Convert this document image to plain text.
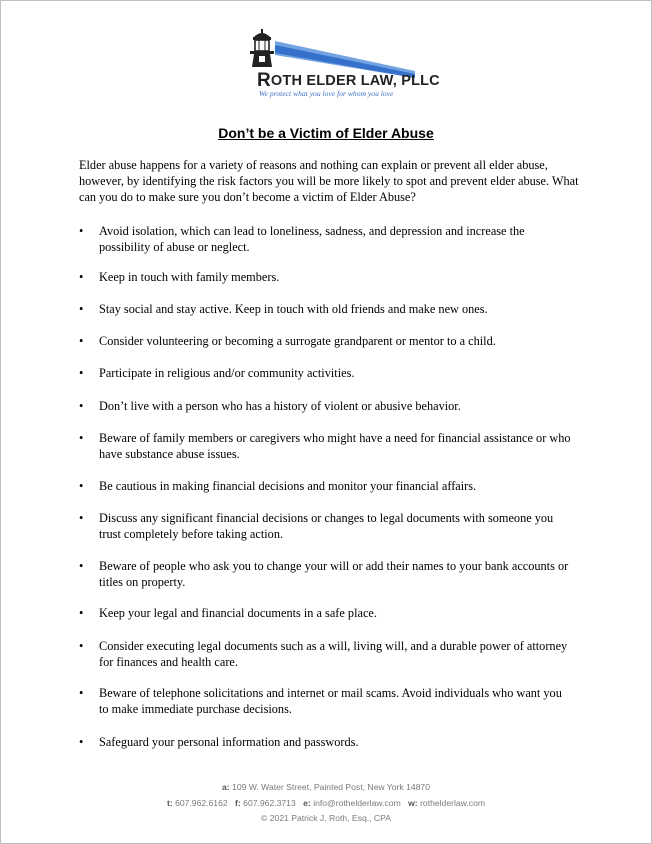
ROTH ELDER LAW, PLLC
We protect what you love for whom you love
Don’t be a Victim of Elder Abuse
Elder abuse happens for a variety of reasons and nothing can explain or prevent all elder abuse, however, by identifying the risk factors you will be more likely to spot and prevent elder abuse. What can you do to make sure you don’t become a victim of Elder Abuse?
• Avoid isolation, which can lead to loneliness, sadness, and depression and increase the possibility of abuse or neglect.
• Keep in touch with family members.
• Stay social and stay active. Keep in touch with old friends and make new ones.
• Consider volunteering or becoming a surrogate grandparent or mentor to a child.
• Participate in religious and/or community activities.
• Don’t live with a person who has a history of violent or abusive behavior.
• Beware of family members or caregivers who might have a need for financial assistance or who have substance abuse issues.
• Be cautious in making financial decisions and monitor your financial affairs.
• Discuss any significant financial decisions or changes to legal documents with someone you trust completely before taking action.
• Beware of people who ask you to change your will or add their names to your bank accounts or titles on property.
• Keep your legal and financial documents in a safe place.
• Consider executing legal documents such as a will, living will, and a durable power of attorney for finances and health care.
• Beware of telephone solicitations and internet or mail scams. Avoid individuals who want you to make immediate purchase decisions.
• Safeguard your personal information and passwords.
a: 109 W. Water Street, Painted Post, New York 14870
t: 607.962.6162 f: 607.962.3713 e: info@rothelderlaw.com w: rothelderlaw.com
© 2021 Patrick J. Roth, Esq., CPA
